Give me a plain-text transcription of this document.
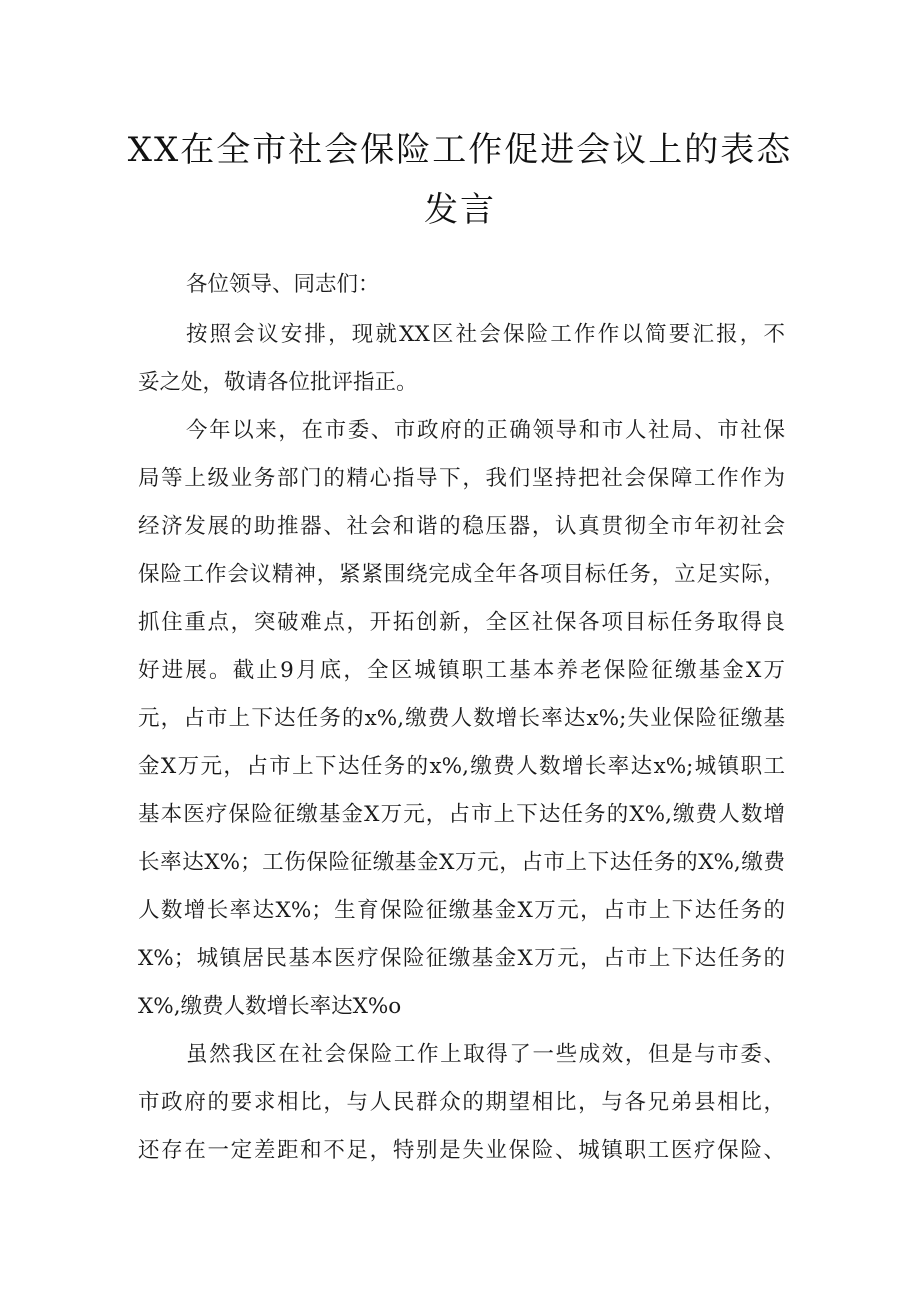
XX在全市社会保险工作促进会议上的表态
发言
各位领导、同志们：
按照会议安排，现就XX区社会保险工作作以简要汇报，不
妥之处，敬请各位批评指正。
今年以来，在市委、市政府的正确领导和市人社局、市社保
局等上级业务部门的精心指导下，我们坚持把社会保障工作作为
经济发展的助推器、社会和谐的稳压器，认真贯彻全市年初社会
保险工作会议精神，紧紧围绕完成全年各项目标任务，立足实际，
抓住重点，突破难点，开拓创新，全区社保各项目标任务取得良
好进展。截止9月底，全区城镇职工基本养老保险征缴基金X万
元，占市上下达任务的x%,缴费人数增长率达x%;失业保险征缴基
金X万元，占市上下达任务的x%,缴费人数增长率达x%;城镇职工
基本医疗保险征缴基金X万元，占市上下达任务的X%,缴费人数增
长率达X%；工伤保险征缴基金X万元，占市上下达任务的X%,缴费
人数增长率达X%；生育保险征缴基金X万元，占市上下达任务的
X%；城镇居民基本医疗保险征缴基金X万元，占市上下达任务的
X%,缴费人数增长率达X%o
虽然我区在社会保险工作上取得了一些成效，但是与市委、
市政府的要求相比，与人民群众的期望相比，与各兄弟县相比，
还存在一定差距和不足，特别是失业保险、城镇职工医疗保险、
